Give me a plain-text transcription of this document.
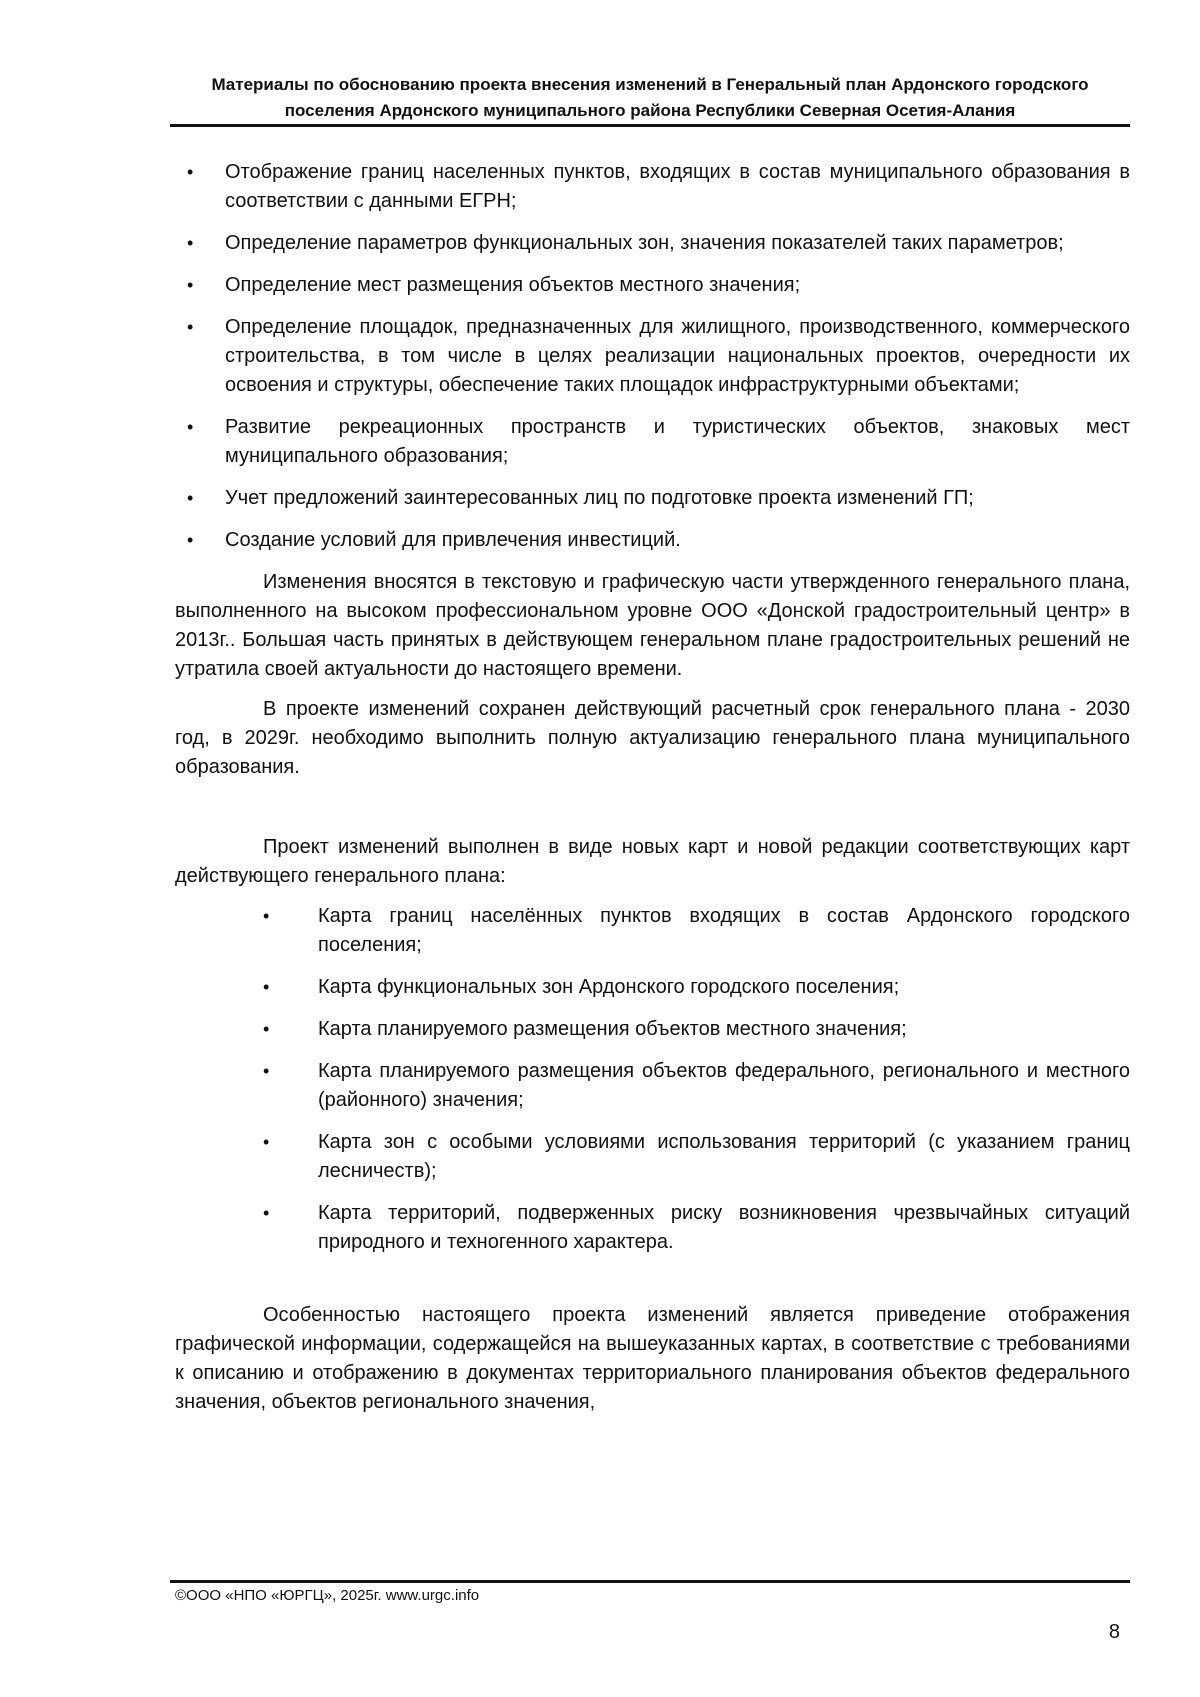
Материалы по обоснованию проекта внесения изменений в Генеральный план Ардонского городского
поселения Ардонского муниципального района Республики Северная Осетия-Алания
• Отображение границ населенных пунктов, входящих в состав муниципального образования в соответствии с данными ЕГРН;
• Определение параметров функциональных зон, значения показателей таких параметров;
• Определение мест размещения объектов местного значения;
• Определение площадок, предназначенных для жилищного, производственного, коммерческого строительства, в том числе в целях реализации национальных проектов, очередности их освоения и структуры, обеспечение таких площадок инфраструктурными объектами;
• Развитие рекреационных пространств и туристических объектов, знаковых мест муниципального образования;
• Учет предложений заинтересованных лиц по подготовке проекта изменений ГП;
• Создание условий для привлечения инвестиций.

Изменения вносятся в текстовую и графическую части утвержденного генерального плана, выполненного на высоком профессиональном уровне ООО «Донской градостроительный центр» в 2013г.. Большая часть принятых в действующем генеральном плане градостроительных решений не утратила своей актуальности до настоящего времени.

В проекте изменений сохранен действующий расчетный срок генерального плана - 2030 год, в 2029г. необходимо выполнить полную актуализацию генерального плана муниципального образования.

Проект изменений выполнен в виде новых карт и новой редакции соответствующих карт действующего генерального плана:

• Карта границ населённых пунктов входящих в состав Ардонского городского поселения;
• Карта функциональных зон Ардонского городского поселения;
• Карта планируемого размещения объектов местного значения;
• Карта планируемого размещения объектов федерального, регионального и местного (районного) значения;
• Карта зон с особыми условиями использования территорий (с указанием границ лесничеств);
• Карта территорий, подверженных риску возникновения чрезвычайных ситуаций природного и техногенного характера.

Особенностью настоящего проекта изменений является приведение отображения графической информации, содержащейся на вышеуказанных картах, в соответствие с требованиями к описанию и отображению в документах территориального планирования объектов федерального значения, объектов регионального значения,

©ООО «НПО «ЮРГЦ», 2025г. www.urgc.info
8
